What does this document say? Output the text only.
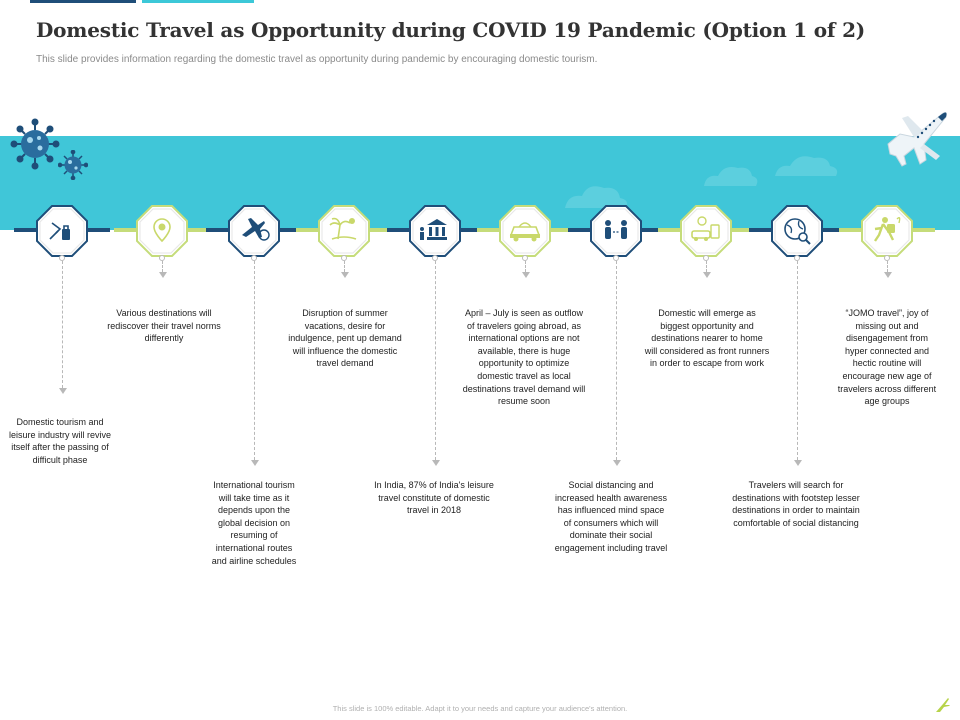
Domestic Travel as Opportunity during COVID 19 Pandemic (Option 1 of 2)
This slide provides information regarding the domestic travel as opportunity during pandemic by encouraging domestic tourism.
Domestic tourism and leisure industry will revive itself after the passing of difficult phase
Various destinations will rediscover their travel norms differently
International tourism will take time as it depends upon the global decision on resuming of international routes and airline schedules
Disruption of summer vacations, desire for indulgence, pent up demand will influence the domestic travel demand
In India, 87% of India's leisure travel constitute of domestic travel in 2018
April – July is seen as outflow of travelers going abroad, as international options are not available, there is huge opportunity to optimize domestic travel as local destinations travel demand will resume soon
Social distancing and increased health awareness has influenced mind space of consumers which will dominate their social engagement including travel
Domestic will emerge as biggest opportunity and destinations nearer to home will considered as front runners in order to escape from work
Travelers will search for destinations with footstep lesser destinations in order to maintain comfortable of social distancing
“JOMO travel”, joy of missing out and disengagement from hyper connected and hectic routine will encourage new age of travelers across different age groups
This slide is 100% editable. Adapt it to your needs and capture your audience's attention.
